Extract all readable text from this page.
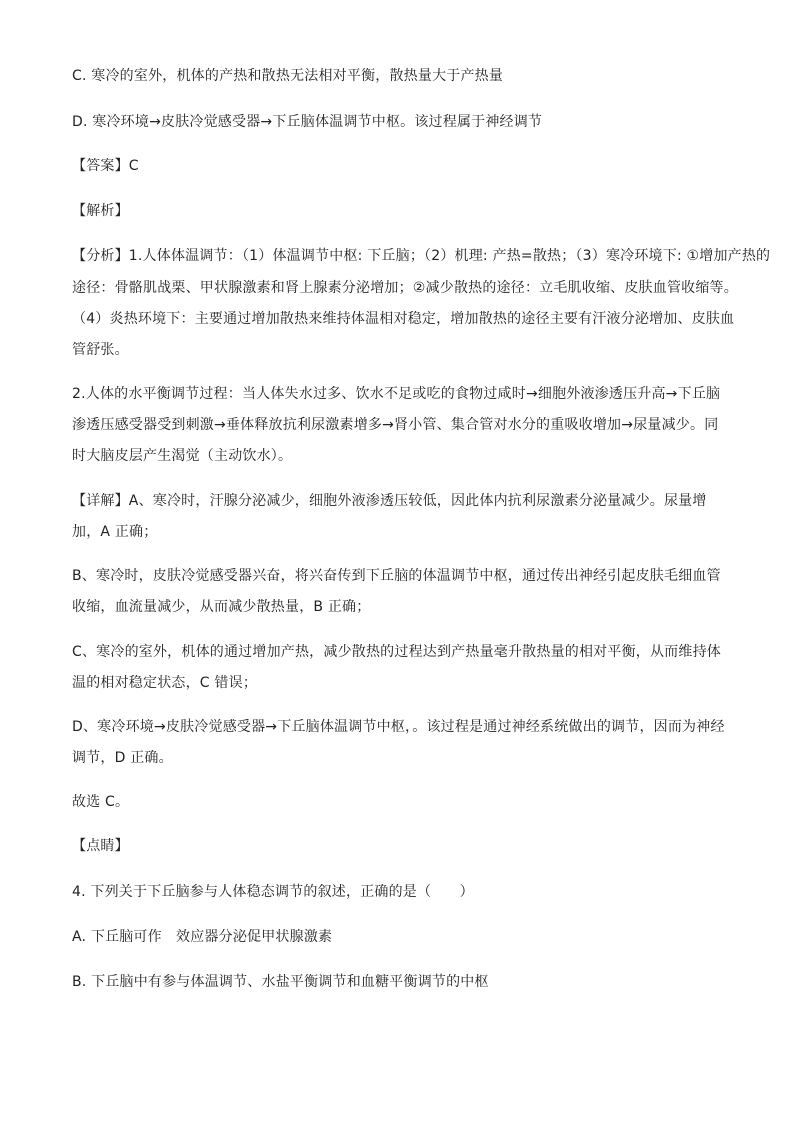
C. 寒冷的室外，机体的产热和散热无法相对平衡，散热量大于产热量
D. 寒冷环境→皮肤冷觉感受器→下丘脑体温调节中枢。该过程属于神经调节
【答案】C
【解析】
【分析】1.人体体温调节：（1）体温调节中枢: 下丘脑；（2）机理: 产热=散热；（3）寒冷环境下: ①增加产热的
途径：骨骼肌战栗、甲状腺激素和肾上腺素分泌增加；②减少散热的途径：立毛肌收缩、皮肤血管收缩等。
（4）炎热环境下：主要通过增加散热来维持体温相对稳定，增加散热的途径主要有汗液分泌增加、皮肤血
管舒张。
2.人体的水平衡调节过程：当人体失水过多、饮水不足或吃的食物过咸时→细胞外液渗透压升高→下丘脑
渗透压感受器受到刺激→垂体释放抗利尿激素增多→肾小管、集合管对水分的重吸收增加→尿量减少。同
时大脑皮层产生渴觉（主动饮水）。
【详解】A、寒冷时，汗腺分泌减少，细胞外液渗透压较低，因此体内抗利尿激素分泌量减少。尿量增
加，A 正确；
B、寒冷时，皮肤冷觉感受器兴奋，将兴奋传到下丘脑的体温调节中枢，通过传出神经引起皮肤毛细血管
收缩，血流量减少，从而减少散热量，B 正确；
C、寒冷的室外，机体的通过增加产热，减少散热的过程达到产热量毫升散热量的相对平衡，从而维持体
温的相对稳定状态，C 错误；
D、寒冷环境→皮肤冷觉感受器→下丘脑体温调节中枢，。该过程是通过神经系统做出的调节，因而为神经
调节，D 正确。
故选 C。
【点睛】
4. 下列关于下丘脑参与人体稳态调节的叙述，正确的是（　　）
A. 下丘脑可作　效应器分泌促甲状腺激素
B. 下丘脑中有参与体温调节、水盐平衡调节和血糖平衡调节的中枢
